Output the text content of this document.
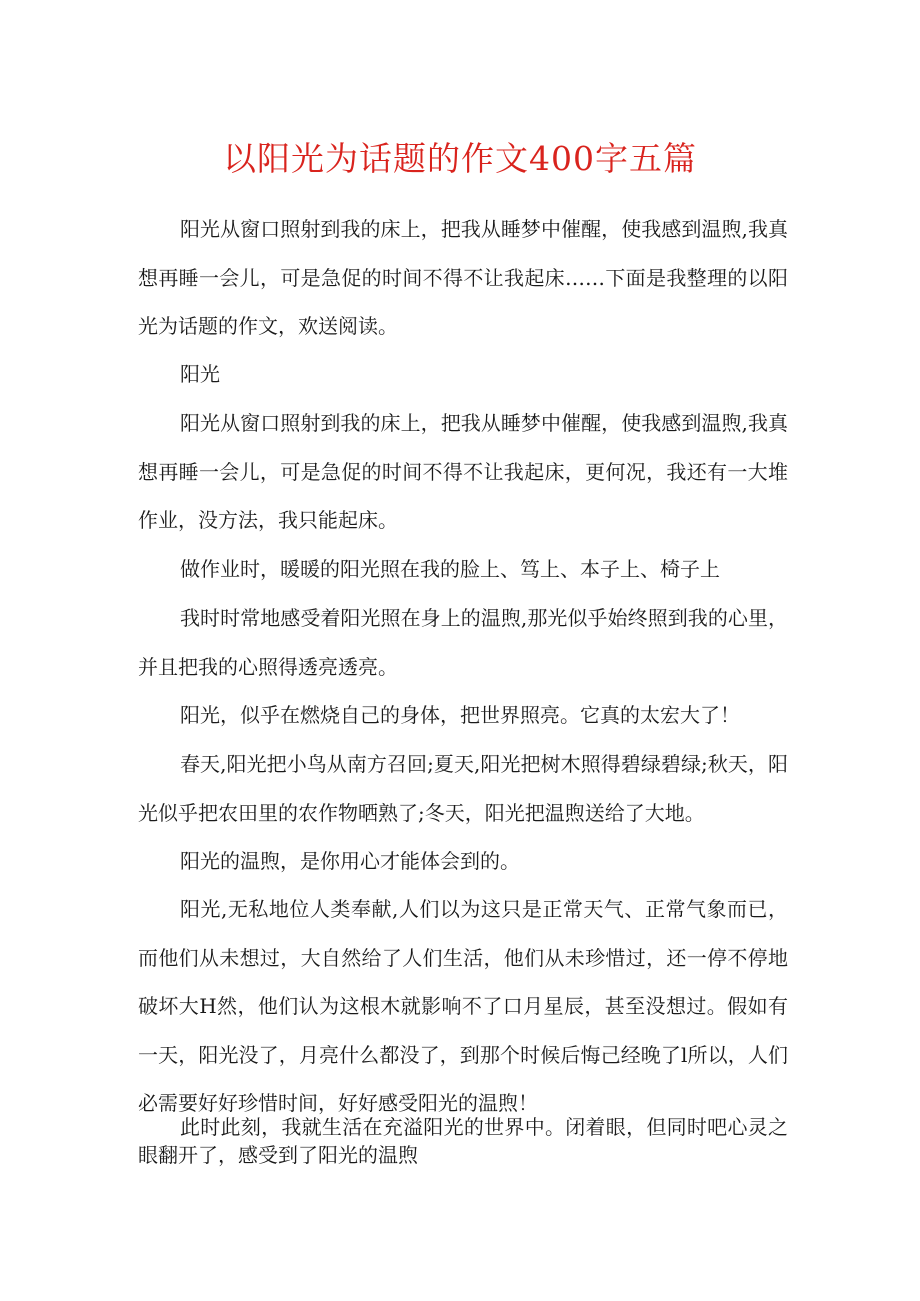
以阳光为话题的作文400字五篇

阳光从窗口照射到我的床上，把我从睡梦中催醒，使我感到温煦,我真想再睡一会儿，可是急促的时间不得不让我起床……下面是我整理的以阳光为话题的作文，欢送阅读。

阳光

阳光从窗口照射到我的床上，把我从睡梦中催醒，使我感到温煦,我真想再睡一会儿，可是急促的时间不得不让我起床，更何况，我还有一大堆作业，没方法，我只能起床。

做作业时，暖暖的阳光照在我的脸上、笃上、本子上、椅子上

我时时常地感受着阳光照在身上的温煦,那光似乎始终照到我的心里，并且把我的心照得透亮透亮。

阳光，似乎在燃烧自己的身体，把世界照亮。它真的太宏大了！

春天,阳光把小鸟从南方召回;夏天,阳光把树木照得碧绿碧绿;秋天，阳光似乎把农田里的农作物晒熟了;冬天，阳光把温煦送给了大地。

阳光的温煦，是你用心才能体会到的。

阳光,无私地位人类奉献,人们以为这只是正常天气、正常气象而已，而他们从未想过，大自然给了人们生活，他们从未珍惜过，还一停不停地破坏大H然，他们认为这根木就影响不了口月星辰，甚至没想过。假如有一天，阳光没了，月亮什么都没了，到那个时候后悔己经晚了l所以，人们必需要好好珍惜时间，好好感受阳光的温煦！

此时此刻，我就生活在充溢阳光的世界中。闭着眼，但同时吧心灵之眼翻开了，感受到了阳光的温煦
